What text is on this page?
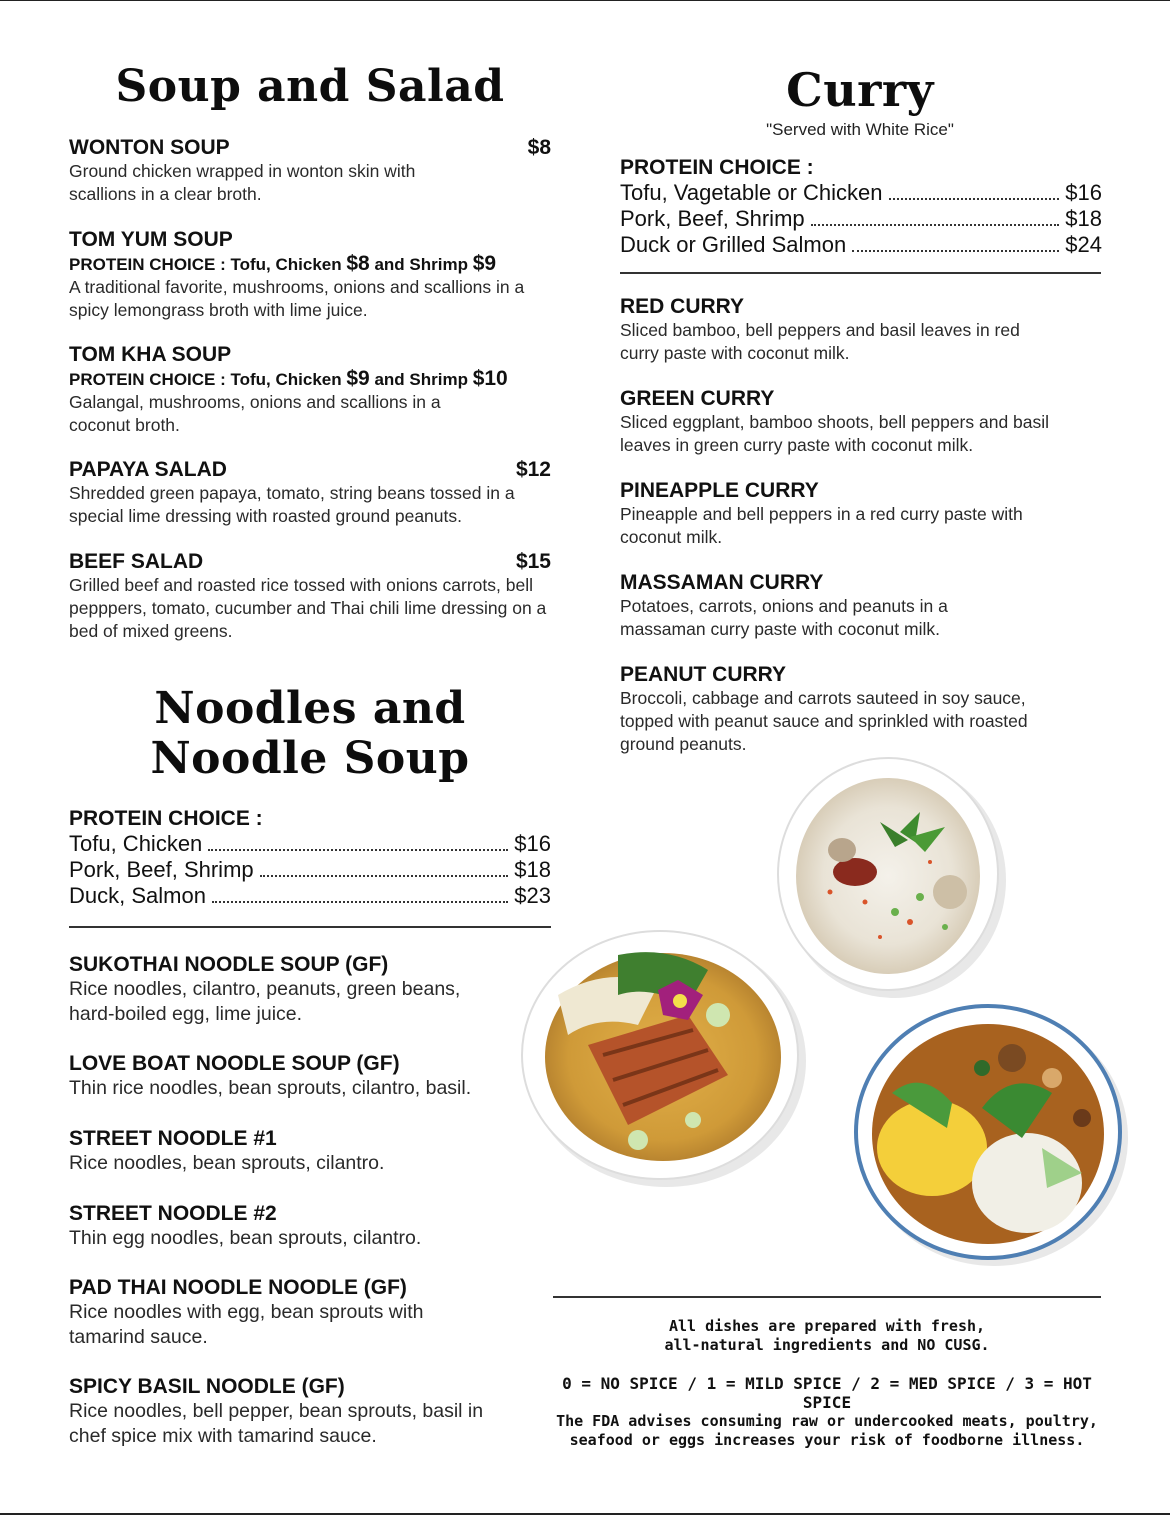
Soup and Salad
WONTON SOUP	$8
Ground chicken wrapped in wonton skin with scallions in a clear broth.
TOM YUM SOUP
PROTEIN CHOICE : Tofu, Chicken $8 and Shrimp $9
A traditional favorite, mushrooms, onions and scallions in a spicy lemongrass broth with lime juice.
TOM KHA SOUP
PROTEIN CHOICE : Tofu, Chicken $9 and Shrimp $10
Galangal, mushrooms, onions and scallions in a coconut broth.
PAPAYA SALAD	$12
Shredded green papaya, tomato, string beans tossed in a special lime dressing with roasted ground peanuts.
BEEF SALAD	$15
Grilled beef and roasted rice tossed with onions carrots, bell pepppers, tomato, cucumber and Thai chili lime dressing on a bed of mixed greens.
Noodles and
Noodle Soup
PROTEIN CHOICE :
Tofu, Chicken	$16
Pork, Beef, Shrimp	$18
Duck, Salmon	$23
SUKOTHAI NOODLE SOUP (GF)
Rice noodles, cilantro, peanuts, green beans, hard-boiled egg, lime juice.
LOVE BOAT NOODLE SOUP (GF)
Thin rice noodles, bean sprouts, cilantro, basil.
STREET NOODLE #1
Rice noodles, bean sprouts, cilantro.
STREET NOODLE #2
Thin egg noodles, bean sprouts, cilantro.
PAD THAI NOODLE NOODLE (GF)
Rice noodles with egg, bean sprouts with tamarind sauce.
SPICY BASIL NOODLE (GF)
Rice noodles, bell pepper, bean sprouts, basil in chef spice mix with tamarind sauce.
Curry
"Served with White Rice"
PROTEIN CHOICE :
Tofu, Vagetable or Chicken	$16
Pork, Beef, Shrimp	$18
Duck or Grilled Salmon	$24
RED CURRY
Sliced bamboo, bell peppers and basil leaves in red curry paste with coconut milk.
GREEN CURRY
Sliced eggplant, bamboo shoots, bell peppers and basil leaves in green curry paste with coconut milk.
PINEAPPLE CURRY
Pineapple and bell peppers in a red curry paste with coconut milk.
MASSAMAN CURRY
Potatoes, carrots, onions and peanuts in a massaman curry paste with coconut milk.
PEANUT CURRY
Broccoli, cabbage and carrots sauteed in soy sauce, topped with peanut sauce and sprinkled with roasted ground peanuts.
All dishes are prepared with fresh,
all-natural ingredients and NO CUSG.
0 = NO SPICE / 1 = MILD SPICE / 2 = MED SPICE / 3 = HOT SPICE
The FDA advises consuming raw or undercooked meats, poultry,
seafood or eggs increases your risk of foodborne illness.
